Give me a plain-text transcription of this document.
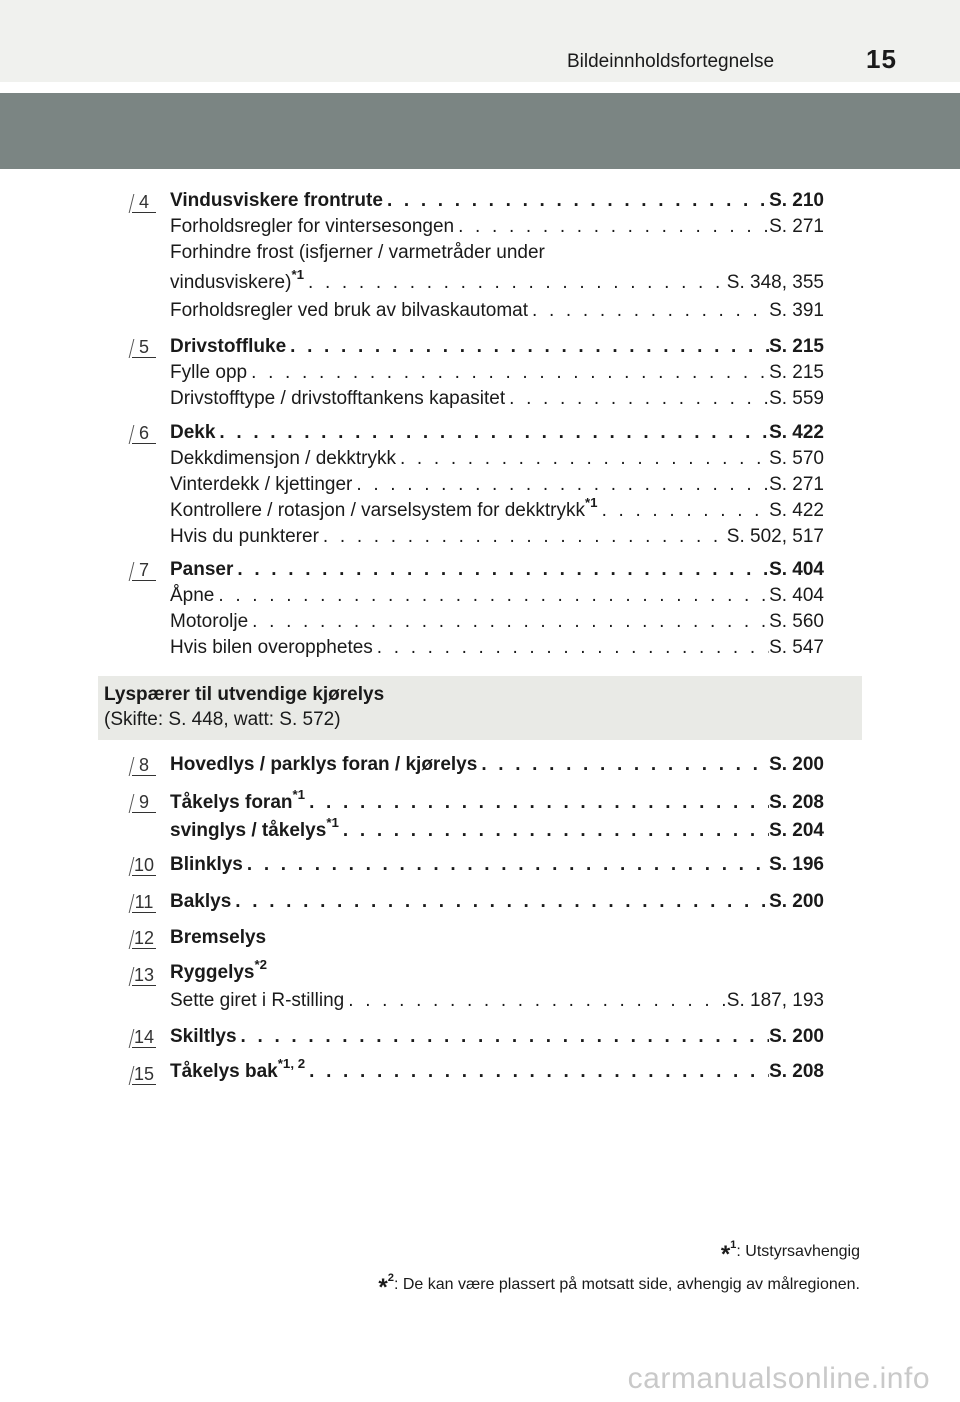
Bildeinnholdsfortegnelse	15
4	Vindusviskere frontrute . . .	S. 210
Forholdsregler for vintersesongen . . .	S. 271
Forhindre frost (isfjerner / varmetråder under
vindusviskere)$^{*1}$ . . .	S. 348, 355
Forholdsregler ved bruk av bilvaskautomat . . .	S. 391
5	Drivstoffluke . . .	S. 215
Fylle opp . . .	S. 215
Drivstofftype / drivstofftankens kapasitet . . .	S. 559
6	Dekk . . .	S. 422
Dekkdimensjon / dekktrykk . . .	S. 570
Vinterdekk / kjettinger . . .	S. 271
Kontrollere / rotasjon / varselsystem for dekktrykk$^{*1}$ . . .	S. 422
Hvis du punkterer . . .	S. 502, 517
7	Panser . . .	S. 404
Åpne . . .	S. 404
Motorolje . . .	S. 560
Hvis bilen overopphetes . . .	S. 547
Lyspærer til utvendige kjørelys
(Skifte: S. 448, watt: S. 572)
8	Hovedlys / parklys foran / kjørelys . . .	S. 200
9	Tåkelys foran$^{*1}$ . . .	S. 208
svinglys / tåkelys$^{*1}$ . . .	S. 204
10 Blinklys . . .	S. 196
11 Baklys . . .	S. 200
12 Bremselys
13 Ryggelys$^{*2}$
Sette giret i R-stilling . . .	S. 187, 193
14 Skiltlys . . .	S. 200
15 Tåkelys bak$^{*1, 2}$ . . .	S. 208
*$^1$: Utstyrsavhengig
*$^2$: De kan være plassert på motsatt side, avhengig av målregionen.
carmanualsonline.info
